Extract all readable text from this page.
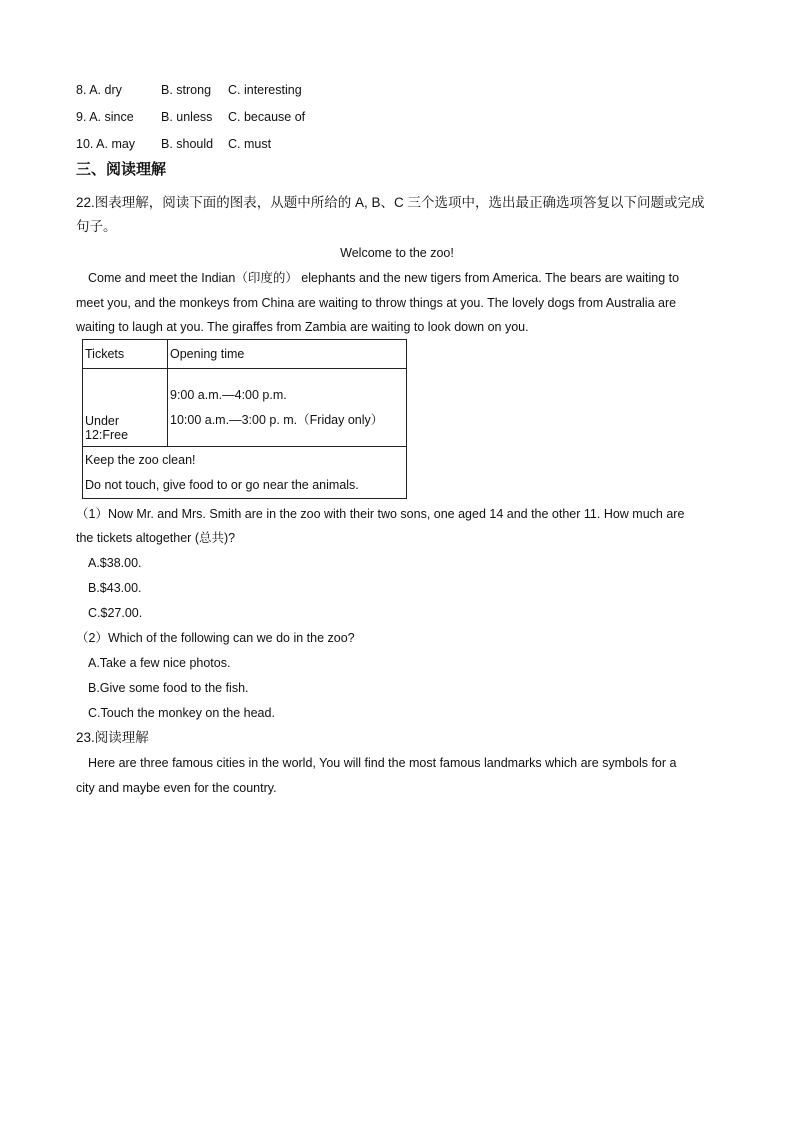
8. A. dry	B. strong C. interesting
9. A. since B. unless C. because of
10. A. may B. should C. must
三、阅读理解
22.图表理解，阅读下面的图表，从题中所给的 A, B、C 三个选项中，选出最正确选项答复以下问题或完成
句子。
Welcome to the zoo!
Come and meet the Indian（印度的） elephants and the new tigers from America. The bears are waiting to
meet you, and the monkeys from China are waiting to throw things at you. The lovely dogs from Australia are
waiting to laugh at you. The giraffes from Zambia are waiting to look down on you.
Tickets	Opening time
Under 12:Free	9:00 a.m.—4:00 p.m.
10:00 a.m.—3:00 p. m.（Friday only）

Keep the zoo clean!
Do not touch, give food to or go near the animals.	
（1）Now Mr. and Mrs. Smith are in the zoo with their two sons, one aged 14 and the other 11. How much are
the tickets altogether (总共)?
A.$38.00.
B.$43.00.
C.$27.00.
（2）Which of the following can we do in the zoo?
A.Take a few nice photos.
B.Give some food to the fish.
C.Touch the monkey on the head.
23.阅读理解
Here are three famous cities in the world, You will find the most famous landmarks which are symbols for a
city and maybe even for the country.
